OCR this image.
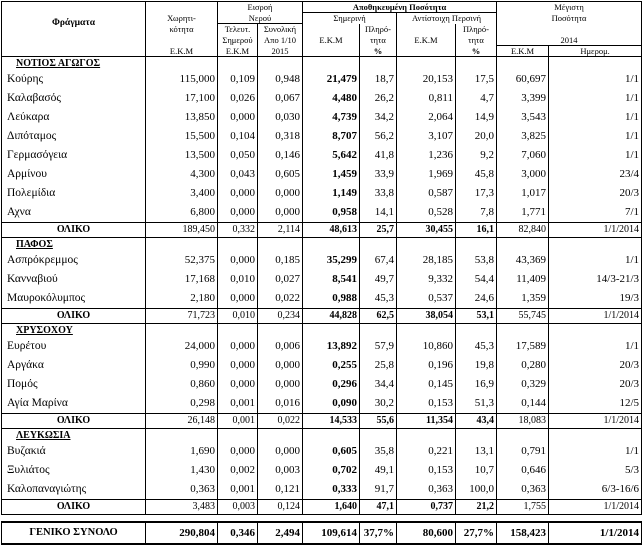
Φράγματα		Εισροή		Αποθηκευμένη Ποσότητα				Μέγιστη	
	Χωρητι-	Νερού		Σημερινή		Αντίστοιχη Περσινή		Ποσότητα	
	κότητα	Τελευτ.	Συνολική		Πληρό-		Πληρό-		
		Σημερού	Απο 1/10	Ε.Κ.Μ	τητα	Ε.Κ.Μ	τητα	2014	
	Ε.Κ.Μ	Ε.Κ.Μ	2015		%		%	Ε.Κ.Μ	Ημερομ.
ΝΟΤΙΟΣ ΑΓΩΓΟΣ									
Κούρης	115,000	0,109	0,948	21,479	18,7	20,153	17,5	60,697	1/1
Καλαβασός	17,100	0,026	0,067	4,480	26,2	0,811	4,7	3,399	1/1
Λεύκαρα	13,850	0,000	0,030	4,739	34,2	2,064	14,9	3,543	1/1
Διπόταμος	15,500	0,104	0,318	8,707	56,2	3,107	20,0	3,825	1/1
Γερμασόγεια	13,500	0,050	0,146	5,642	41,8	1,236	9,2	7,060	1/1
Αρμίνου	4,300	0,043	0,605	1,459	33,9	1,969	45,8	3,000	23/4
Πολεμίδια	3,400	0,000	0,000	1,149	33,8	0,587	17,3	1,017	20/3
Αχνα	6,800	0,000	0,000	0,958	14,1	0,528	7,8	1,771	7/1
ΟΛΙΚΟ	189,450	0,332	2,114	48,613	25,7	30,455	16,1	82,840	1/1/2014
ΠΑΦΟΣ									
Ασπρόκρεμμος	52,375	0,000	0,185	35,299	67,4	28,185	53,8	43,369	1/1
Κανναβιού	17,168	0,010	0,027	8,541	49,7	9,332	54,4	11,409	14/3-21/3
Μαυροκόλυμπος	2,180	0,000	0,022	0,988	45,3	0,537	24,6	1,359	19/3
ΟΛΙΚΟ	71,723	0,010	0,234	44,828	62,5	38,054	53,1	55,745	1/1/2014
ΧΡΥΣΟΧΟΥ									
Ευρέτου	24,000	0,000	0,006	13,892	57,9	10,860	45,3	17,589	1/1
Αργάκα	0,990	0,000	0,000	0,255	25,8	0,196	19,8	0,280	20/3
Πομός	0,860	0,000	0,000	0,296	34,4	0,145	16,9	0,329	20/3
Αγία Μαρίνα	0,298	0,001	0,016	0,090	30,2	0,153	51,3	0,144	12/5
ΟΛΙΚΟ	26,148	0,001	0,022	14,533	55,6	11,354	43,4	18,083	1/1/2014
ΛΕΥΚΩΣΙΑ									
Βυζακιά	1,690	0,000	0,000	0,605	35,8	0,221	13,1	0,791	1/1
Ξυλιάτος	1,430	0,002	0,003	0,702	49,1	0,153	10,7	0,646	5/3
Καλοπαναγιώτης	0,363	0,001	0,121	0,333	91,7	0,363	100,0	0,363	6/3-16/6
ΟΛΙΚΟ	3,483	0,003	0,124	1,640	47,1	0,737	21,2	1,755	1/1/2014

ΓΕΝΙΚΟ ΣΥΝΟΛΟ	290,804	0,346	2,494	109,614	37,7%	80,600	27,7%	158,423	1/1/2014
